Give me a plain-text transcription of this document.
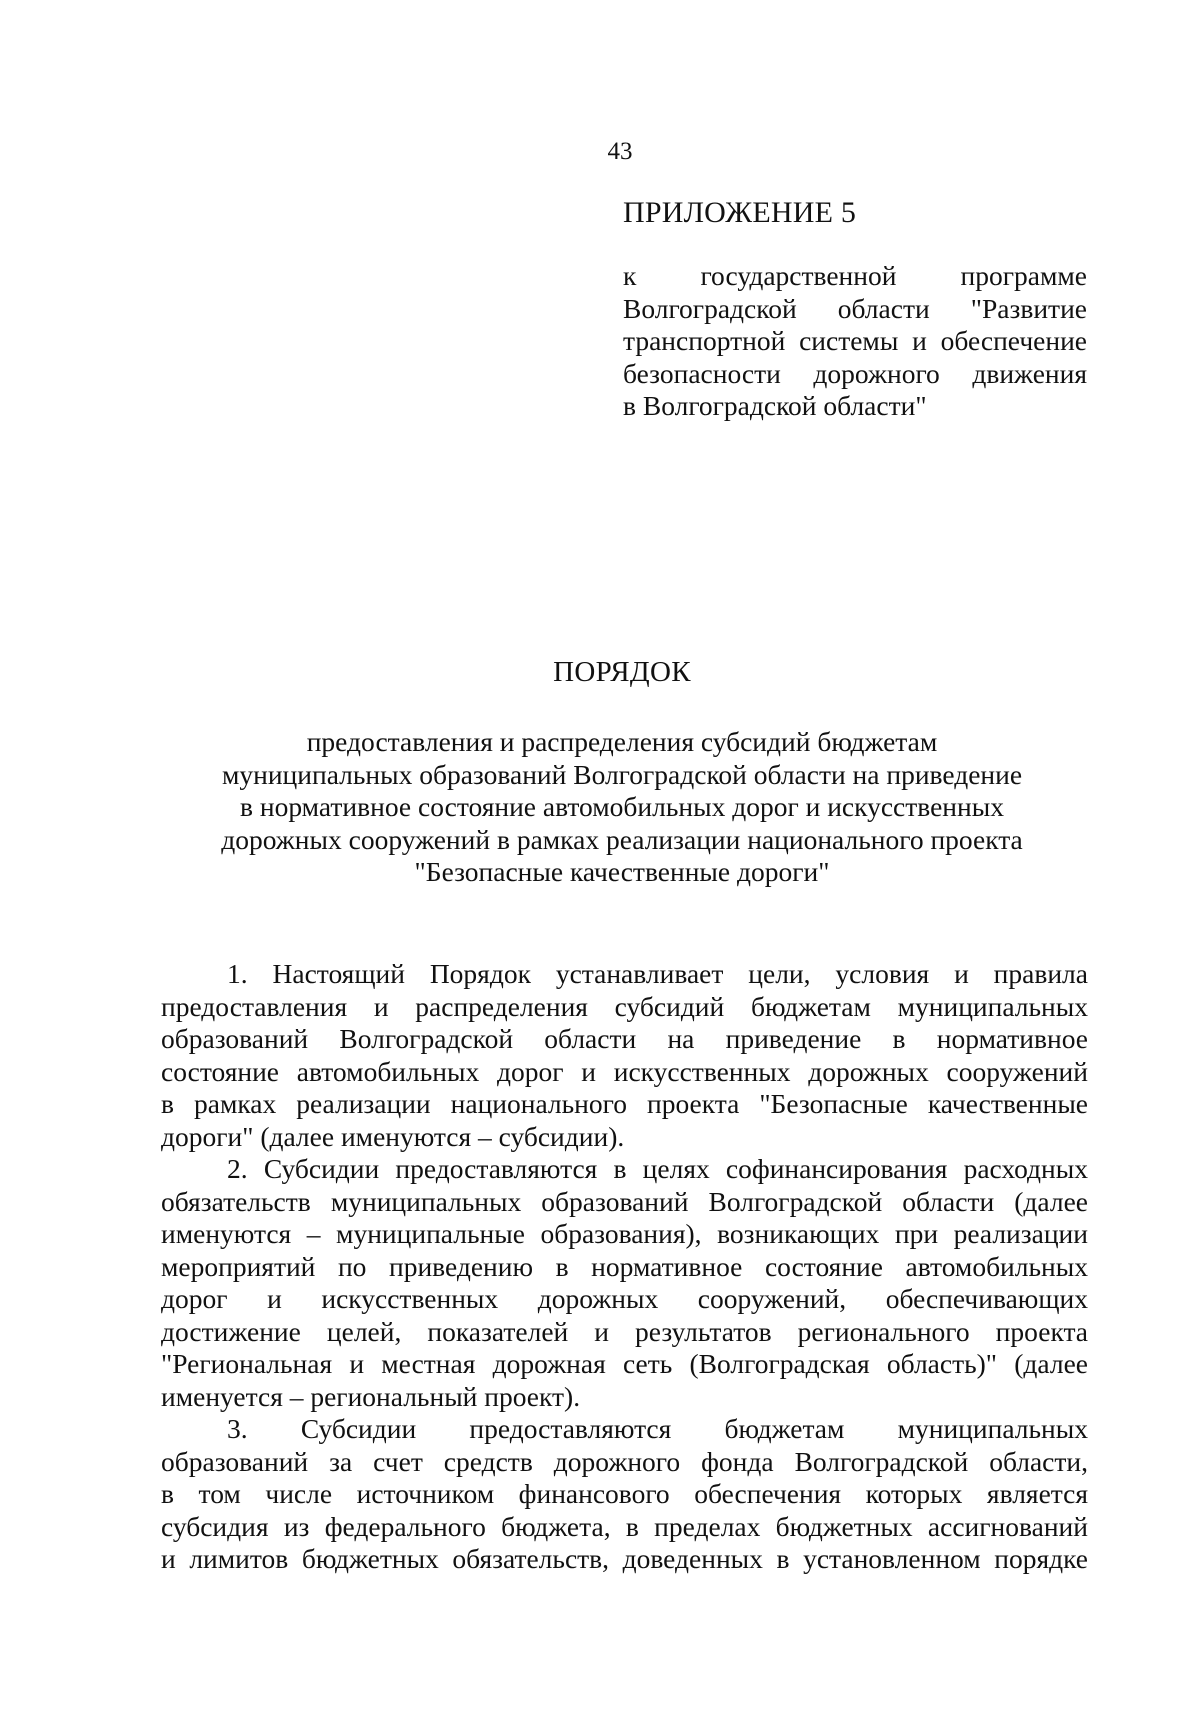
43

ПРИЛОЖЕНИЕ 5
к государственной программе
Волгоградской области "Развитие
транспортной системы и обеспечение
безопасности дорожного движения
в Волгоградской области"
ПОРЯДОК
предоставления и распределения субсидий бюджетам
муниципальных образований Волгоградской области на приведение
в нормативное состояние автомобильных дорог и искусственных
дорожных сооружений в рамках реализации национального проекта
"Безопасные качественные дороги"
1. Настоящий Порядок устанавливает цели, условия и правила
предоставления и распределения субсидий бюджетам муниципальных
образований Волгоградской области на приведение в нормативное
состояние автомобильных дорог и искусственных дорожных сооружений
в рамках реализации национального проекта "Безопасные качественные
дороги" (далее именуются – субсидии).
2. Субсидии предоставляются в целях софинансирования расходных
обязательств муниципальных образований Волгоградской области (далее
именуются – муниципальные образования), возникающих при реализации
мероприятий по приведению в нормативное состояние автомобильных
дорог и искусственных дорожных сооружений, обеспечивающих
достижение целей, показателей и результатов регионального проекта
"Региональная и местная дорожная сеть (Волгоградская область)" (далее
именуется – региональный проект).
3. Субсидии предоставляются бюджетам муниципальных
образований за счет средств дорожного фонда Волгоградской области,
в том числе источником финансового обеспечения которых является
субсидия из федерального бюджета, в пределах бюджетных ассигнований
и лимитов бюджетных обязательств, доведенных в установленном порядке
